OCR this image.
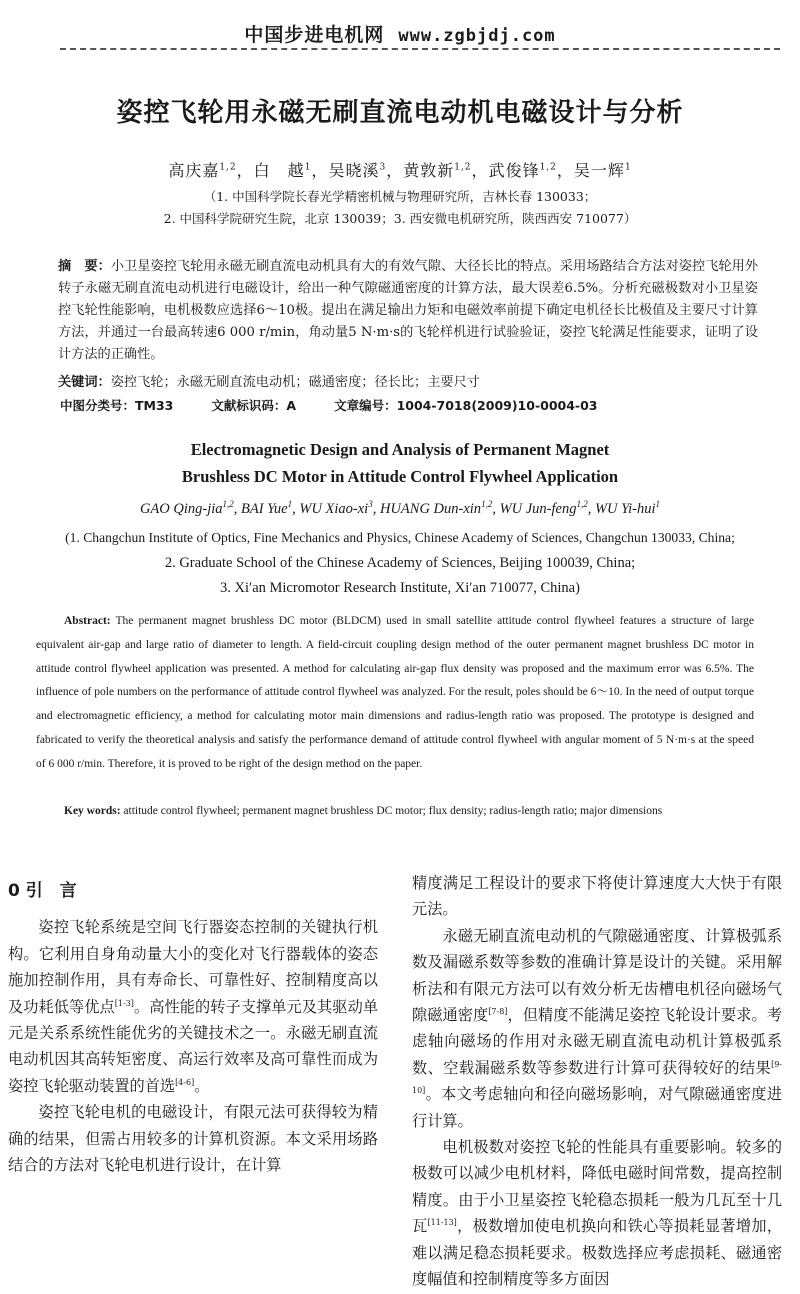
中国步进电机网 www.zgbjdj.com
姿控飞轮用永磁无刷直流电动机电磁设计与分析
高庆嘉$^{1,2}$，白　越$^1$，吴晓溪$^3$，黄敦新$^{1,2}$，武俊锋$^{1,2}$，吴一辉$^1$
（1. 中国科学院长春光学精密机械与物理研究所，吉林长春 130033；
2. 中国科学院研究生院，北京 130039；3. 西安微电机研究所，陕西西安 710077）
摘　要：小卫星姿控飞轮用永磁无刷直流电动机具有大的有效气隙、大径长比的特点。采用场路结合方法对姿控飞轮用外转子永磁无刷直流电动机进行电磁设计，给出一种气隙磁通密度的计算方法，最大误差6.5%。分析充磁极数对小卫星姿控飞轮性能影响，电机极数应选择6～10极。提出在满足输出力矩和电磁效率前提下确定电机径长比极值及主要尺寸计算方法，并通过一台最高转速6 000 r/min，角动量5 N·m·s的飞轮样机进行试验验证，姿控飞轮满足性能要求，证明了设计方法的正确性。
关键词：姿控飞轮；永磁无刷直流电动机；磁通密度；径长比；主要尺寸
中图分类号：TM33	文献标识码：A	文章编号：1004-7018(2009)10-0004-03
Electromagnetic Design and Analysis of Permanent Magnet
Brushless DC Motor in Attitude Control Flywheel Application
GAO Qing-jia$^{1,2}$, BAI Yue$^1$, WU Xiao-$xi^3$, HUANG Dun-xin$^{1,2}$, WU Jun-feng$^{1,2}$, WU Yi-hui$^1$
(1. Changchun Institute of Optics, Fine Mechanics and Physics, Chinese Academy of Sciences, Changchun 130033, China;
2. Graduate School of the Chinese Academy of Sciences, Beijing 100039, China;
3. Xi′an Micromotor Research Institute, Xi′an 710077, China)
Abstract: The permanent magnet brushless DC motor (BLDCM) used in small satellite attitude control flywheel features a structure of large equivalent air-gap and large ratio of diameter to length. A field-circuit coupling design method of the outer permanent magnet brushless DC motor in attitude control flywheel application was presented. A method for calculating air-gap flux density was proposed and the maximum error was 6.5%. The influence of pole numbers on the performance of attitude control flywheel was analyzed. For the result, poles should be 6～10. In the need of output torque and electromagnetic efficiency, a method for calculating motor main dimensions and radius-length ratio was proposed. The prototype is designed and fabricated to verify the theoretical analysis and satisfy the performance demand of attitude control flywheel with angular moment of 5 N·m·s at the speed of 6 000 r/min. Therefore, it is proved to be right of the design method on the paper.
Key words: attitude control flywheel; permanent magnet brushless DC motor; flux density; radius-length ratio; major dimensions
0 引　言

姿控飞轮系统是空间飞行器姿态控制的关键执行机构。它利用自身角动量大小的变化对飞行器载体的姿态施加控制作用，具有寿命长、可靠性好、控制精度高以及功耗低等优点[1-3]。高性能的转子支撑单元及其驱动单元是关系系统性能优劣的关键技术之一。永磁无刷直流电动机因其高转矩密度、高运行效率及高可靠性而成为姿控飞轮驱动装置的首选[4-6]。

姿控飞轮电机的电磁设计，有限元法可获得较为精确的结果，但需占用较多的计算机资源。本文采用场路结合的方法对飞轮电机进行设计，在计算

精度满足工程设计的要求下将使计算速度大大快于有限元法。

永磁无刷直流电动机的气隙磁通密度、计算极弧系数及漏磁系数等参数的准确计算是设计的关键。采用解析法和有限元方法可以有效分析无齿槽电机径向磁场气隙磁通密度[7-8]，但精度不能满足姿控飞轮设计要求。考虑轴向磁场的作用对永磁无刷直流电动机计算极弧系数、空载漏磁系数等参数进行计算可获得较好的结果[9-10]。本文考虑轴向和径向磁场影响，对气隙磁通密度进行计算。

电机极数对姿控飞轮的性能具有重要影响。较多的极数可以减少电机材料，降低电磁时间常数，提高控制精度。由于小卫星姿控飞轮稳态损耗一般为几瓦至十几瓦[11-13]，极数增加使电机换向和铁心等损耗显著增加，难以满足稳态损耗要求。极数选择应考虑损耗、磁通密度幅值和控制精度等多方面因
